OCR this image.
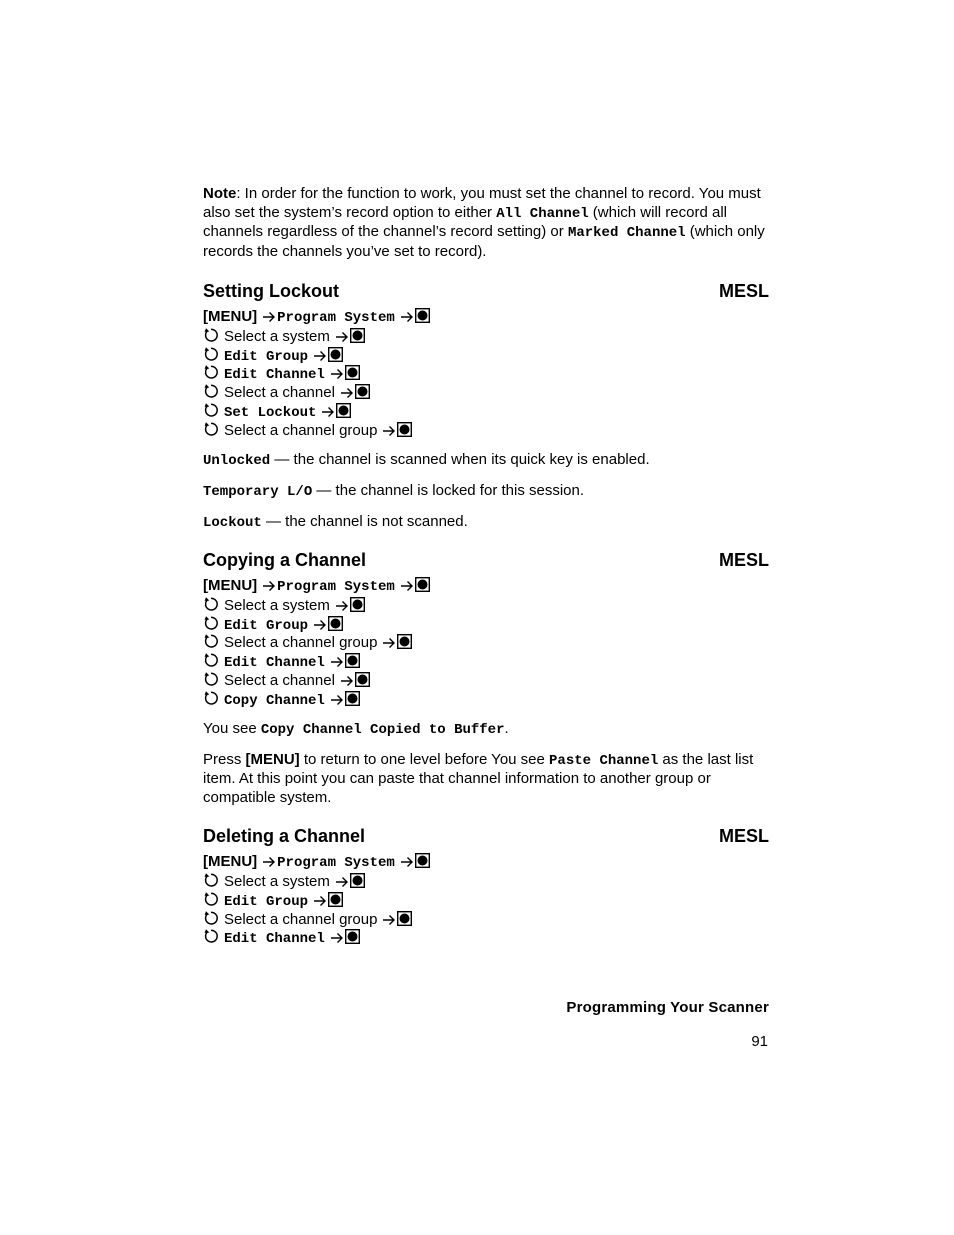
Note: In order for the function to work, you must set the channel to record. You must also set the system’s record option to either All Channel (which will record all channels regardless of the channel’s record setting) or Marked Channel (which only records the channels you’ve set to record).

Setting Lockout	MESL
[MENU] Program System
Select a system
Edit Group
Edit Channel
Select a channel
Set Lockout
Select a channel group

Unlocked — the channel is scanned when its quick key is enabled.

Temporary L/O — the channel is locked for this session.

Lockout — the channel is not scanned.

Copying a Channel	MESL
[MENU] Program System
Select a system
Edit Group
Select a channel group
Edit Channel
Select a channel
Copy Channel

You see Copy Channel Copied to Buffer.

Press [MENU] to return to one level before You see Paste Channel as the last list item. At this point you can paste that channel information to another group or compatible system.

Deleting a Channel	MESL
[MENU] Program System
Select a system
Edit Group
Select a channel group
Edit Channel
Programming Your Scanner
91
